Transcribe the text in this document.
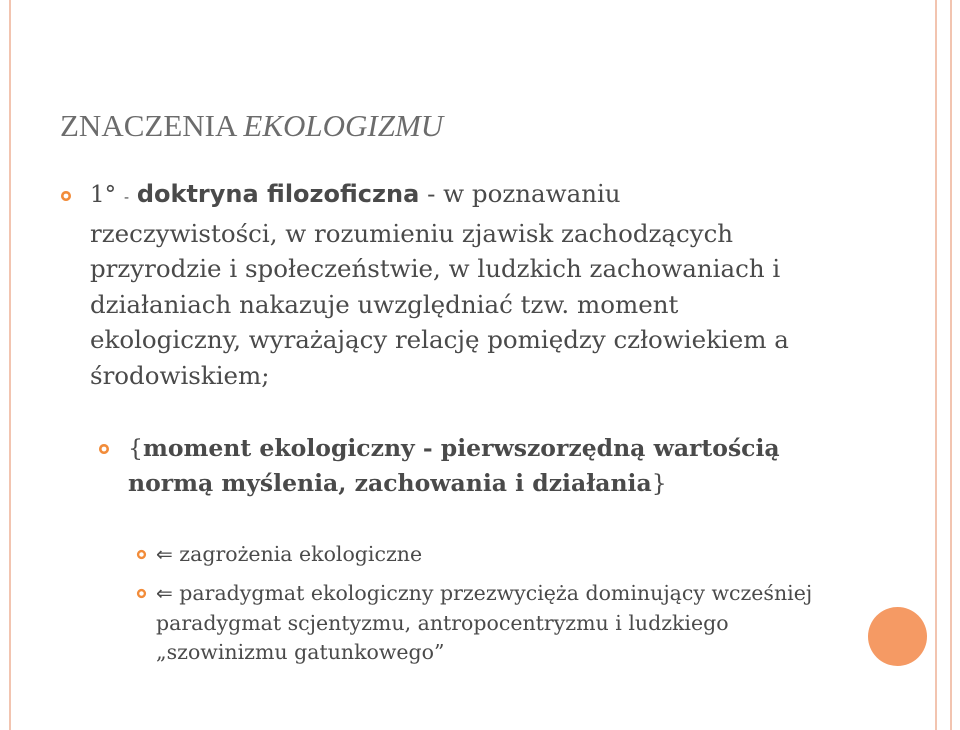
ZNACZENIA EKOLOGIZMU
1° - doktryna filozoficzna - w poznawaniu rzeczywistości, w rozumieniu zjawisk zachodzących przyrodzie i społeczeństwie, w ludzkich zachowaniach i działaniach nakazuje uwzględniać tzw. moment ekologiczny, wyrażający relację pomiędzy człowiekiem a środowiskiem;
{moment ekologiczny - pierwszorzędną wartością normą myślenia, zachowania i działania}
⇐ zagrożenia ekologiczne
⇐ paradygmat ekologiczny przezwycięża dominujący wcześniej paradygmat scjentyzmu, antropocentryzmu i ludzkiego „szowinizmu gatunkowego”
